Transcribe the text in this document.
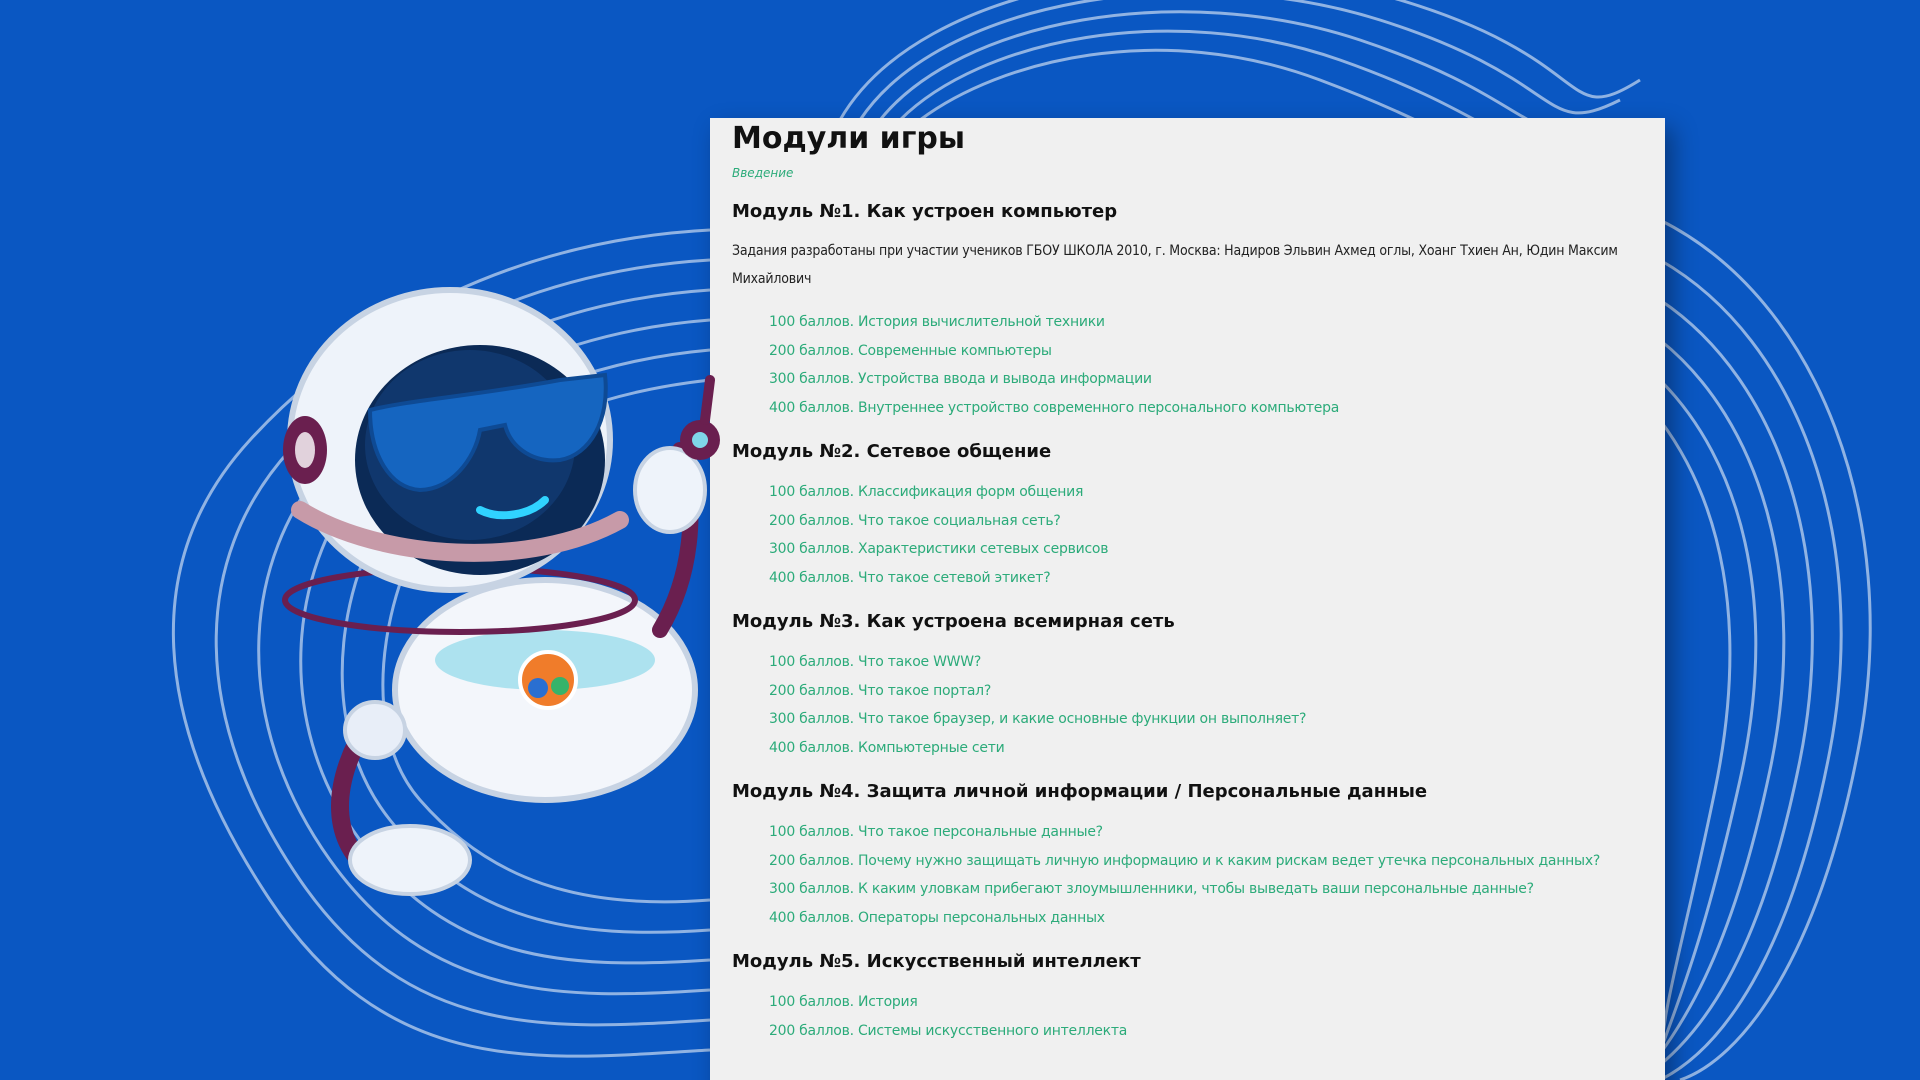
Модули игры
Введение
Модуль №1. Как устроен компьютер

Задания разработаны при участии учеников ГБОУ ШКОЛА 2010, г. Москва: Надиров Эльвин Ахмед оглы, Хоанг Тхиен Ан, Юдин Максим Михайлович

100 баллов. История вычислительной техники
200 баллов. Современные компьютеры
300 баллов. Устройства ввода и вывода информации
400 баллов. Внутреннее устройство современного персонального компьютера
Модуль №2. Сетевое общение
100 баллов. Классификация форм общения
200 баллов. Что такое социальная сеть?
300 баллов. Характеристики сетевых сервисов
400 баллов. Что такое сетевой этикет?
Модуль №3. Как устроена всемирная сеть
100 баллов. Что такое WWW?
200 баллов. Что такое портал?
300 баллов. Что такое браузер, и какие основные функции он выполняет?
400 баллов. Компьютерные сети
Модуль №4. Защита личной информации / Персональные данные
100 баллов. Что такое персональные данные?
200 баллов. Почему нужно защищать личную информацию и к каким рискам ведет утечка персональных данных?
300 баллов. К каким уловкам прибегают злоумышленники, чтобы выведать ваши персональные данные?
400 баллов. Операторы персональных данных
Модуль №5. Искусственный интеллект
100 баллов. История
200 баллов. Системы искусственного интеллекта
